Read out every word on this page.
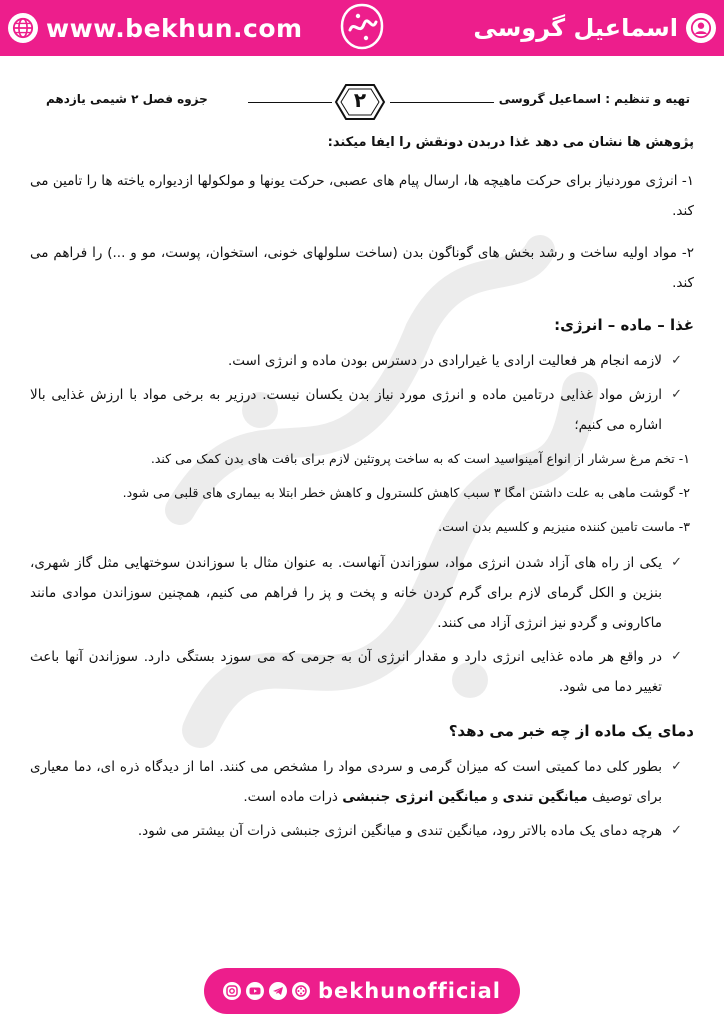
www.bekhun.com	اسماعیل گروسی
تهیه و تنظیم : اسماعیل گروسی
جزوه فصل ۲ شیمی یازدهم	۲

پژوهش ها نشان می دهد غذا دربدن دونقش را ایفا میکند:

۱- انرژی موردنیاز برای حرکت ماهیچه ها، ارسال پیام های عصبی، حرکت یونها و مولکولها ازدیواره یاخته ها را تامین می کند.

۲- مواد اولیه ساخت و رشد بخش های گوناگون بدن (ساخت سلولهای خونی، استخوان، پوست، مو و ...) را فراهم می کند.

غذا – ماده – انرژی:

✓
لازمه انجام هر فعالیت ارادی یا غیرارادی در دسترس بودن ماده و انرژی است.
✓
ارزش مواد غذایی درتامین ماده و انرژی مورد نیاز بدن یکسان نیست. درزیر به برخی مواد با ارزش غذایی بالا اشاره می کنیم؛

۱- تخم مرغ سرشار از انواع آمینواسید است که به ساخت پروتئین لازم برای بافت های بدن کمک می کند.

۲- گوشت ماهی به علت داشتن امگا ۳ سبب کاهش کلسترول و کاهش خطر ابتلا به بیماری های قلبی می شود.

۳- ماست تامین کننده منیزیم و کلسیم بدن است.

✓
یکی از راه های آزاد شدن انرژی مواد، سوزاندن آنهاست. به عنوان مثال با سوزاندن سوختهایی مثل گاز شهری، بنزین و الکل گرمای لازم برای گرم کردن خانه و پخت و پز را فراهم می کنیم، همچنین سوزاندن موادی مانند ماکارونی و گردو نیز انرژی آزاد می کنند.
✓
در واقع هر ماده غذایی انرژی دارد و مقدار انرژی آن به جرمی که می سوزد بستگی دارد. سوزاندن آنها باعث تغییر دما می شود.

دمای یک ماده از چه خبر می دهد؟

✓
بطور کلی دما کمیتی است که میزان گرمی و سردی مواد را مشخص می کنند. اما از دیدگاه ذره ای، دما معیاری برای توصیف میانگین تندی و میانگین انرژی جنبشی ذرات ماده است.
✓
هرچه دمای یک ماده بالاتر رود، میانگین تندی و میانگین انرژی جنبشی ذرات آن بیشتر می شود.
bekhunofficial
